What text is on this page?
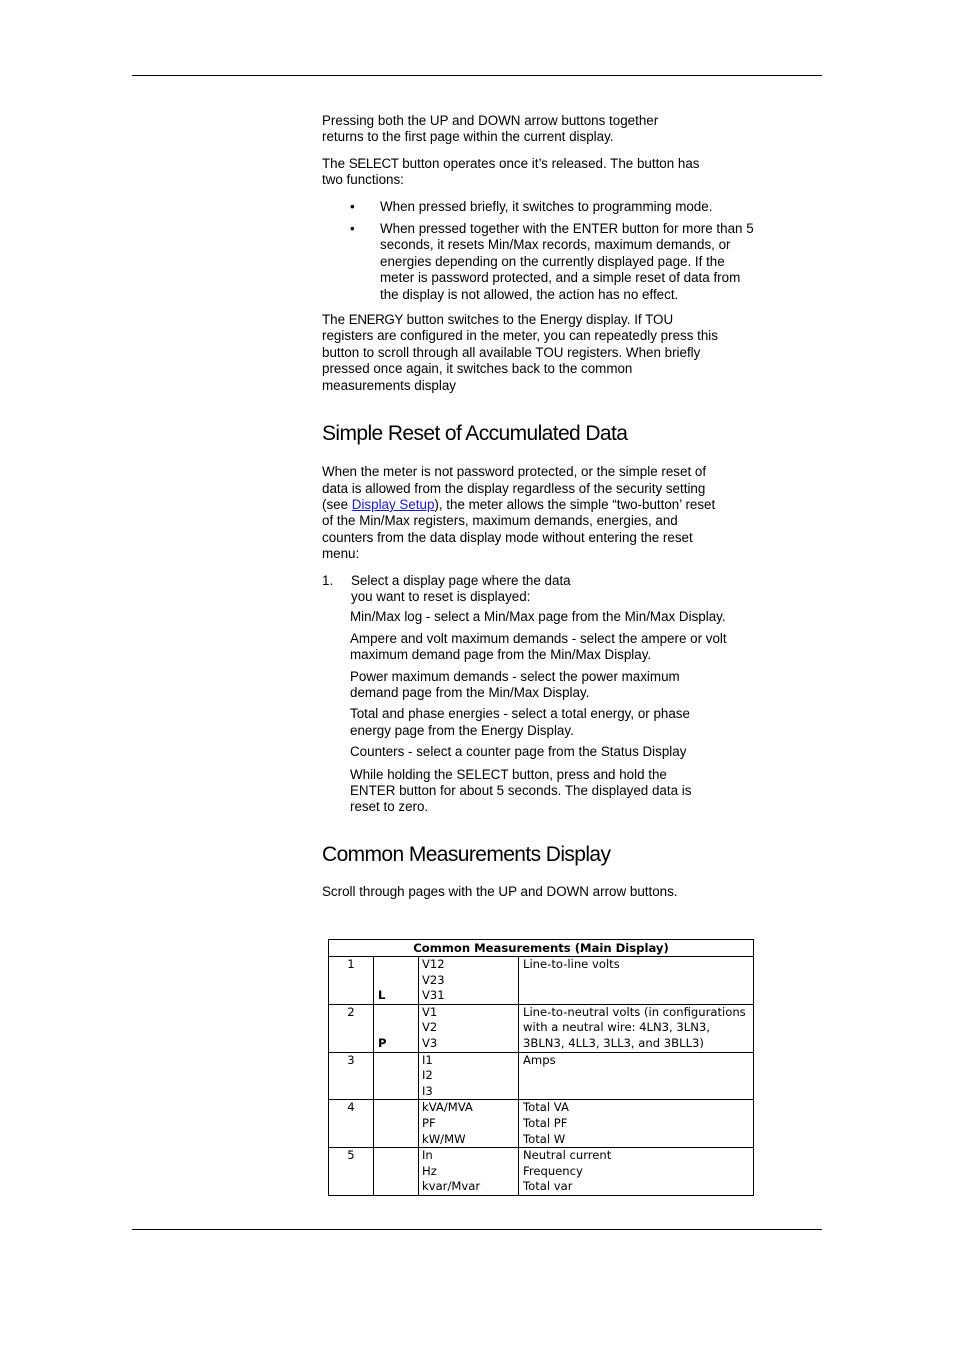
Pressing both the UP and DOWN arrow buttons together returns to the first page within the current display.

The SELECT button operates once it’s released. The button has two functions:

• When pressed briefly, it switches to programming mode.
• When pressed together with the ENTER button for more than 5 seconds, it resets Min/Max records, maximum demands, or energies depending on the currently displayed page. If the meter is password protected, and a simple reset of data from the display is not allowed, the action has no effect.

The ENERGY button switches to the Energy display. If TOU registers are configured in the meter, you can repeatedly press this button to scroll through all available TOU registers. When briefly pressed once again, it switches back to the common measurements display

Simple Reset of Accumulated Data

When the meter is not password protected, or the simple reset of data is allowed from the display regardless of the security setting (see Display Setup), the meter allows the simple “two-button’ reset of the Min/Max registers, maximum demands, energies, and counters from the data display mode without entering the reset menu:

1. Select a display page where the data you want to reset is displayed:

Min/Max log - select a Min/Max page from the Min/Max Display.

Ampere and volt maximum demands - select the ampere or volt maximum demand page from the Min/Max Display.

Power maximum demands - select the power maximum demand page from the Min/Max Display.

Total and phase energies - select a total energy, or phase energy page from the Energy Display.

Counters - select a counter page from the Status Display

While holding the SELECT button, press and hold the ENTER button for about 5 seconds. The displayed data is reset to zero.

Common Measurements Display

Scroll through pages with the UP and DOWN arrow buttons.

Common Measurements (Main Display)			
1	L	V12
V23
V31	Line-to-line volts

2	P	V1
V2
V3	Line-to-neutral volts (in configurations
with a neutral wire: 4LN3, 3LN3,
3BLN3, 4LL3, 3LL3, and 3BLL3)

3		I1
I2
I3	Amps

4		kVA/MVA
PF
kW/MW	Total VA
Total PF
Total W

5		In
Hz
kvar/Mvar	Neutral current
Frequency
Total var
